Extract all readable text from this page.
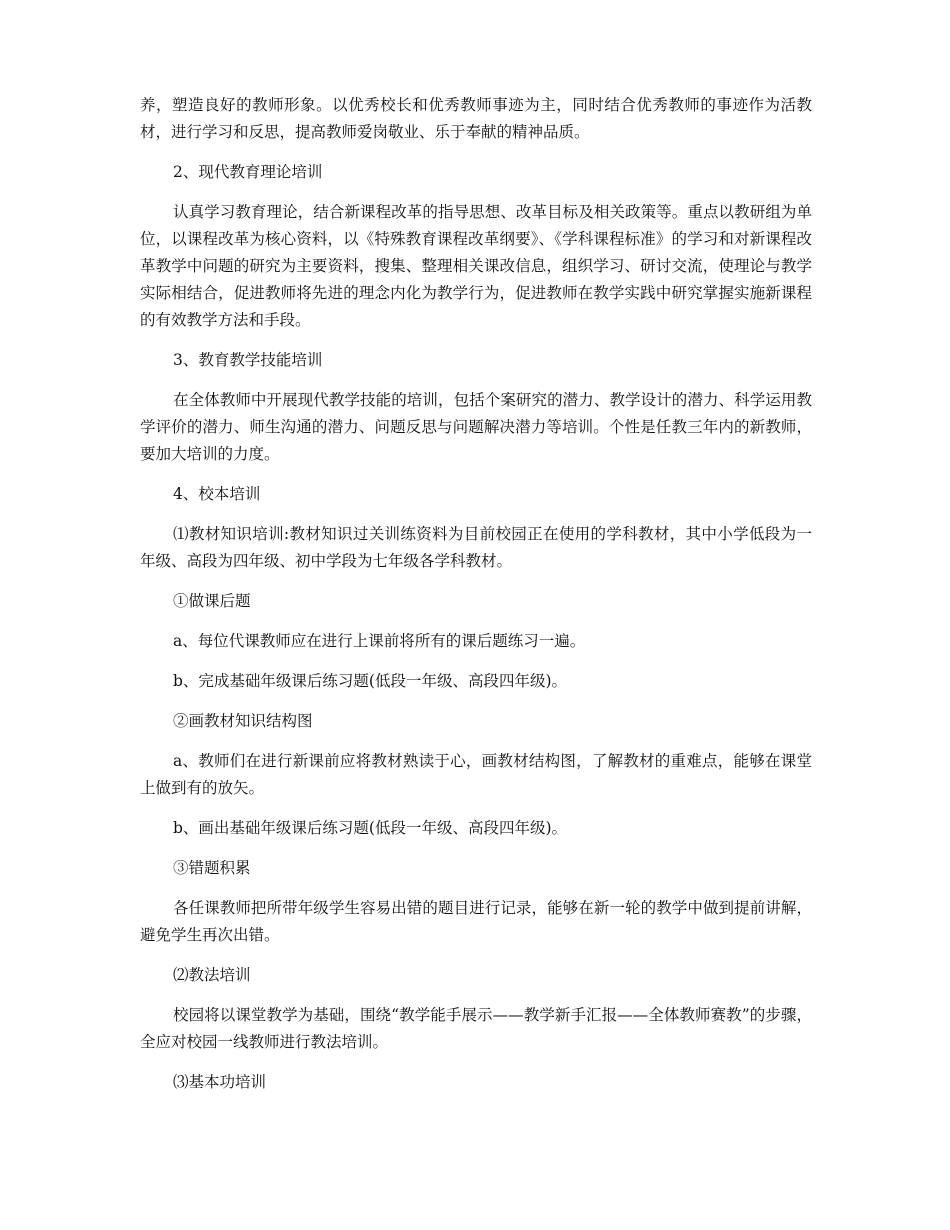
养，塑造良好的教师形象。以优秀校长和优秀教师事迹为主，同时结合优秀教师的事迹作为活教材，进行学习和反思，提高教师爱岗敬业、乐于奉献的精神品质。

2、现代教育理论培训

认真学习教育理论，结合新课程改革的指导思想、改革目标及相关政策等。重点以教研组为单位，以课程改革为核心资料，以《特殊教育课程改革纲要》、《学科课程标准》的学习和对新课程改革教学中问题的研究为主要资料，搜集、整理相关课改信息，组织学习、研讨交流，使理论与教学实际相结合，促进教师将先进的理念内化为教学行为，促进教师在教学实践中研究掌握实施新课程的有效教学方法和手段。

3、教育教学技能培训

在全体教师中开展现代教学技能的培训，包括个案研究的潜力、教学设计的潜力、科学运用教学评价的潜力、师生沟通的潜力、问题反思与问题解决潜力等培训。个性是任教三年内的新教师，要加大培训的力度。

4、校本培训

⑴教材知识培训:教材知识过关训练资料为目前校园正在使用的学科教材，其中小学低段为一年级、高段为四年级、初中学段为七年级各学科教材。

①做课后题

a、每位代课教师应在进行上课前将所有的课后题练习一遍。

b、完成基础年级课后练习题(低段一年级、高段四年级)。

②画教材知识结构图

a、教师们在进行新课前应将教材熟读于心，画教材结构图，了解教材的重难点，能够在课堂上做到有的放矢。

b、画出基础年级课后练习题(低段一年级、高段四年级)。

③错题积累

各任课教师把所带年级学生容易出错的题目进行记录，能够在新一轮的教学中做到提前讲解，避免学生再次出错。

⑵教法培训

校园将以课堂教学为基础，围绕“教学能手展示——教学新手汇报——全体教师赛教”的步骤，全应对校园一线教师进行教法培训。

⑶基本功培训
